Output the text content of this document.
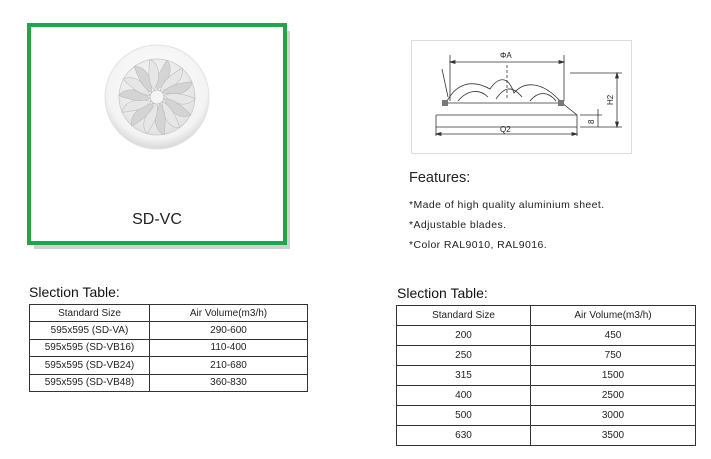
SD-VC
ΦA
Q2
H2
8
Features:
*Made of high quality aluminium sheet.
*Adjustable blades.
*Color RAL9010, RAL9016.
Slection Table:
Standard Size	Air Volume(m3/h)
595x595 (SD-VA)	290-600
595x595 (SD-VB16)	110-400
595x595 (SD-VB24)	210-680
595x595 (SD-VB48)	360-830
Slection Table:
Standard Size	Air Volume(m3/h)
200	450
250	750
315	1500
400	2500
500	3000
630	3500
